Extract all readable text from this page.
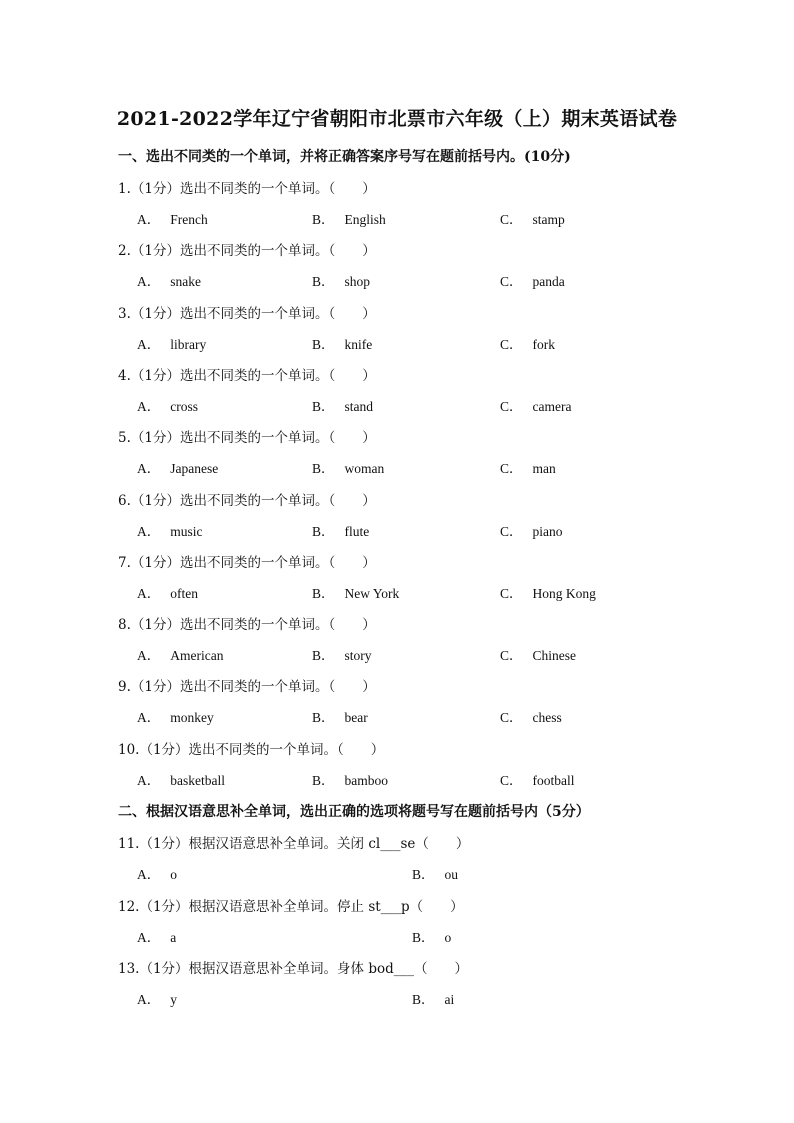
2021-2022学年辽宁省朝阳市北票市六年级（上）期末英语试卷
一、选出不同类的一个单词，并将正确答案序号写在题前括号内。(10分)
1.（1分）选出不同类的一个单词。（　　）
A． French	B． English	C． stamp
2.（1分）选出不同类的一个单词。（　　）
A． snake	B． shop	C． panda
3.（1分）选出不同类的一个单词。（　　）
A． library	B． knife	C． fork
4.（1分）选出不同类的一个单词。（　　）
A． cross	B． stand	C． camera
5.（1分）选出不同类的一个单词。（　　）
A． Japanese	B． woman	C． man
6.（1分）选出不同类的一个单词。（　　）
A． music	B． flute	C． piano
7.（1分）选出不同类的一个单词。（　　）
A． often	B． New York	C． Hong Kong
8.（1分）选出不同类的一个单词。（　　）
A． American	B． story	C． Chinese
9.（1分）选出不同类的一个单词。（　　）
A． monkey	B． bear	C． chess
10.（1分）选出不同类的一个单词。（　　）
A． basketball	B． bamboo	C． football
二、根据汉语意思补全单词，选出正确的选项将题号写在题前括号内（5分）
11.（1分）根据汉语意思补全单词。关闭 cl___se（　　）
A． o	B． ou
12.（1分）根据汉语意思补全单词。停止 st___p（　　）
A． a	B． o
13.（1分）根据汉语意思补全单词。身体 bod___（　　）
A． y	B． ai
